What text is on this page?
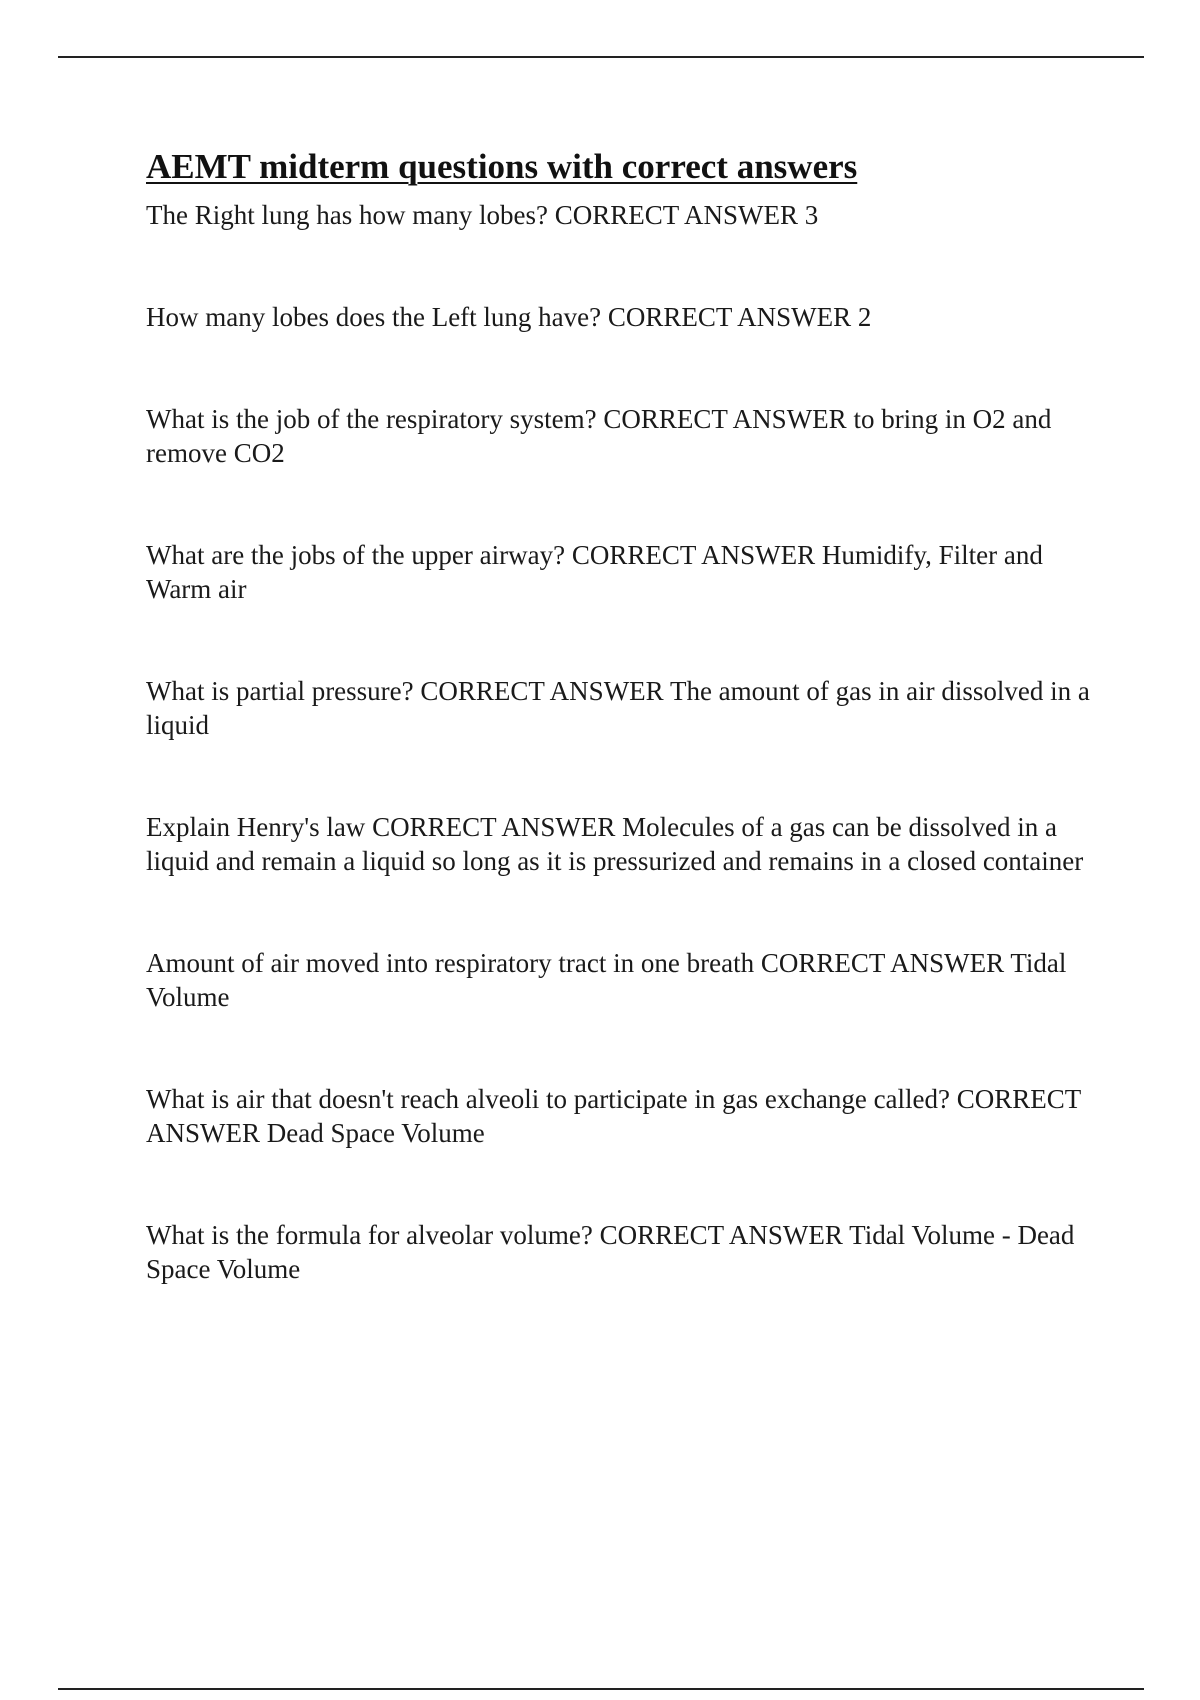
AEMT midterm questions with correct answers
The Right lung has how many lobes? CORRECT ANSWER 3
How many lobes does the Left lung have? CORRECT ANSWER 2
What is the job of the respiratory system? CORRECT ANSWER to bring in O2 and remove CO2
What are the jobs of the upper airway? CORRECT ANSWER Humidify, Filter and Warm air
What is partial pressure? CORRECT ANSWER The amount of gas in air dissolved in a liquid
Explain Henry's law CORRECT ANSWER Molecules of a gas can be dissolved in a liquid and remain a liquid so long as it is pressurized and remains in a closed container
Amount of air moved into respiratory tract in one breath CORRECT ANSWER Tidal Volume
What is air that doesn't reach alveoli to participate in gas exchange called? CORRECT ANSWER Dead Space Volume
What is the formula for alveolar volume? CORRECT ANSWER Tidal Volume - Dead Space Volume
